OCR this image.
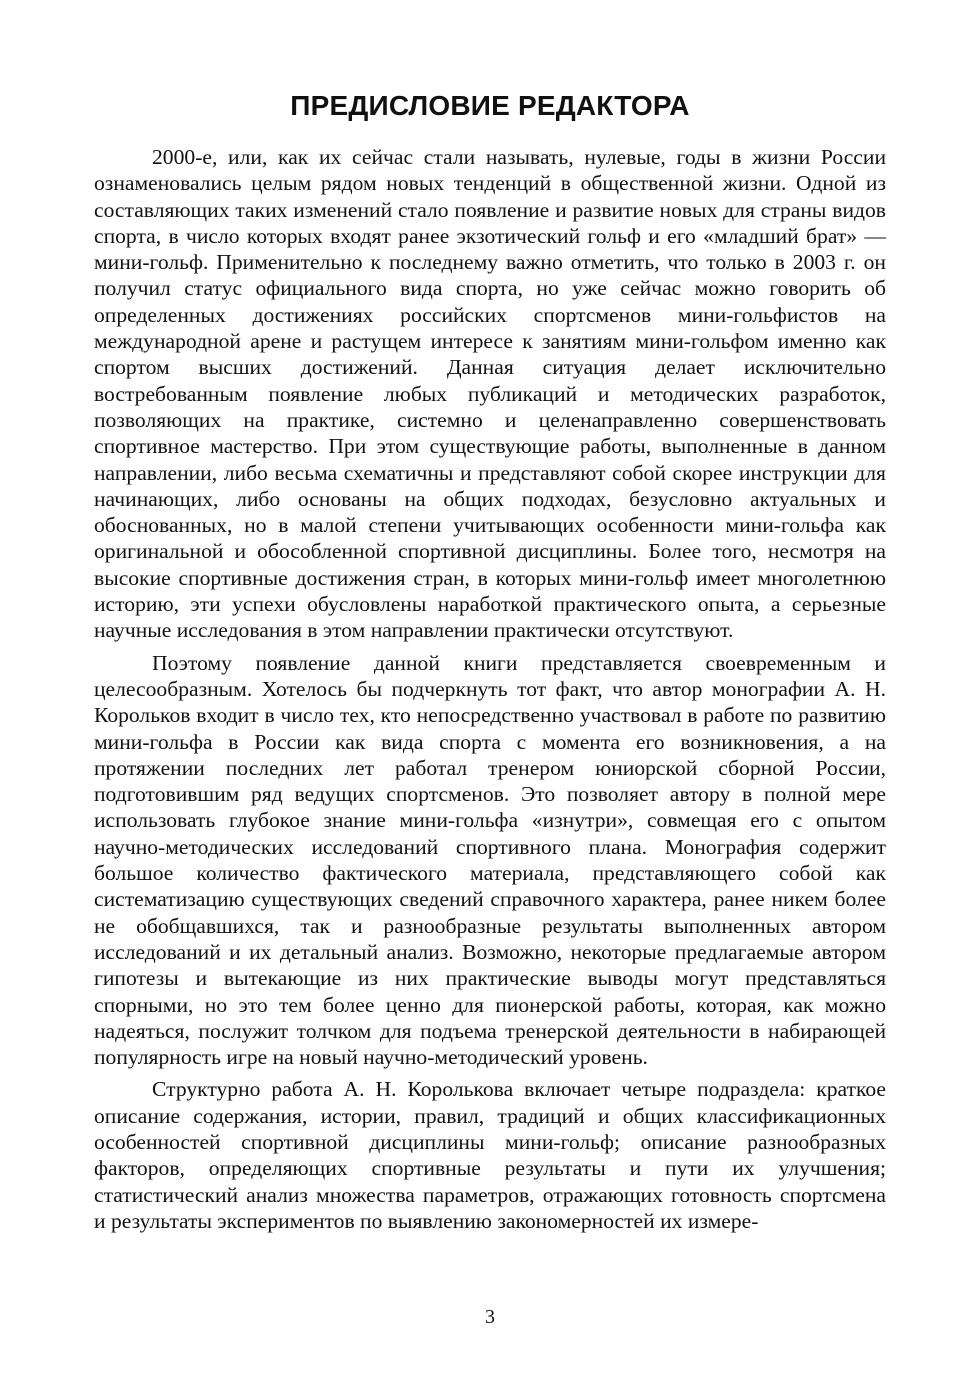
ПРЕДИСЛОВИЕ РЕДАКТОРА

2000-е, или, как их сейчас стали называть, нулевые, годы в жизни России ознаменовались целым рядом новых тенденций в общественной жизни. Одной из составляющих таких изменений стало появление и развитие новых для страны видов спорта, в число которых входят ранее экзотический гольф и его «младший брат» — мини-гольф. Применительно к последнему важно отметить, что только в 2003 г. он получил статус официального вида спорта, но уже сейчас можно говорить об определенных достижениях российских спортсменов мини-гольфистов на международной арене и растущем интересе к занятиям мини-гольфом именно как спортом высших достижений. Данная ситуация делает исключительно востребованным появление любых публикаций и методических разработок, позволяющих на практике, системно и целенаправленно совершенствовать спортивное мастерство. При этом существующие работы, выполненные в данном направлении, либо весьма схематичны и представляют собой скорее инструкции для начинающих, либо основаны на общих подходах, безусловно актуальных и обоснованных, но в малой степени учитывающих особенности мини-гольфа как оригинальной и обособленной спортивной дисциплины. Более того, несмотря на высокие спортивные достижения стран, в которых мини-гольф имеет многолетнюю историю, эти успехи обусловлены наработкой практического опыта, а серьезные научные исследования в этом направлении практически отсутствуют.

Поэтому появление данной книги представляется своевременным и целесообразным. Хотелось бы подчеркнуть тот факт, что автор монографии А. Н. Корольков входит в число тех, кто непосредственно участвовал в работе по развитию мини-гольфа в России как вида спорта с момента его возникновения, а на протяжении последних лет работал тренером юниорской сборной России, подготовившим ряд ведущих спортсменов. Это позволяет автору в полной мере использовать глубокое знание мини-гольфа «изнутри», совмещая его с опытом научно-методических исследований спортивного плана. Монография содержит большое количество фактического материала, представляющего собой как систематизацию существующих сведений справочного характера, ранее никем более не обобщавшихся, так и разнообразные результаты выполненных автором исследований и их детальный анализ. Возможно, некоторые предлагаемые автором гипотезы и вытекающие из них практические выводы могут представляться спорными, но это тем более ценно для пионерской работы, которая, как можно надеяться, послужит толчком для подъема тренерской деятельности в набирающей популярность игре на новый научно-методический уровень.

Структурно работа А. Н. Королькова включает четыре подраздела: краткое описание содержания, истории, правил, традиций и общих классификационных особенностей спортивной дисциплины мини-гольф; описание разнообразных факторов, определяющих спортивные результаты и пути их улучшения; статистический анализ множества параметров, отражающих готовность спортсмена и результаты экспериментов по выявлению закономерностей их измере-

3
